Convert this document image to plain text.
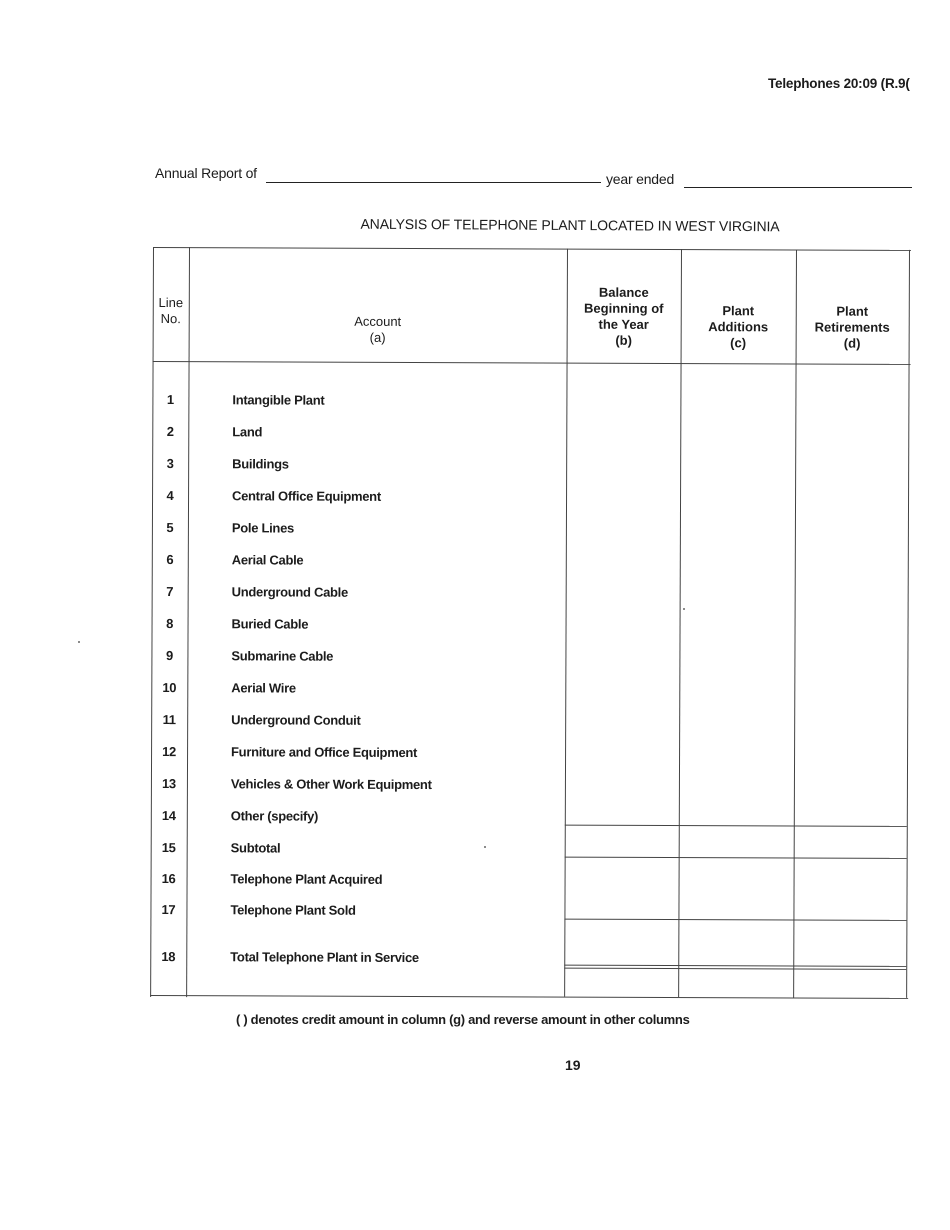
Telephones 20:09 (R.9(
Annual Report of	year ended
ANALYSIS OF TELEPHONE PLANT LOCATED IN WEST VIRGINIA
Line
No.	Account
(a)
Balance
Beginning of
the Year
(b)
Plant
Additions
(c)
Plant
Retirements
(d)
1	Intangible Plant
2	Land
3	Buildings
4	Central Office Equipment
5	Pole Lines
6	Aerial Cable
7	Underground Cable
8	Buried Cable
9	Submarine Cable
10	Aerial Wire
11	Underground Conduit
12	Furniture and Office Equipment
13	Vehicles & Other Work Equipment
14	Other (specify)
15	Subtotal
16	Telephone Plant Acquired
17	Telephone Plant Sold
18	Total Telephone Plant in Service
( ) denotes credit amount in column (g) and reverse amount in other columns
19
